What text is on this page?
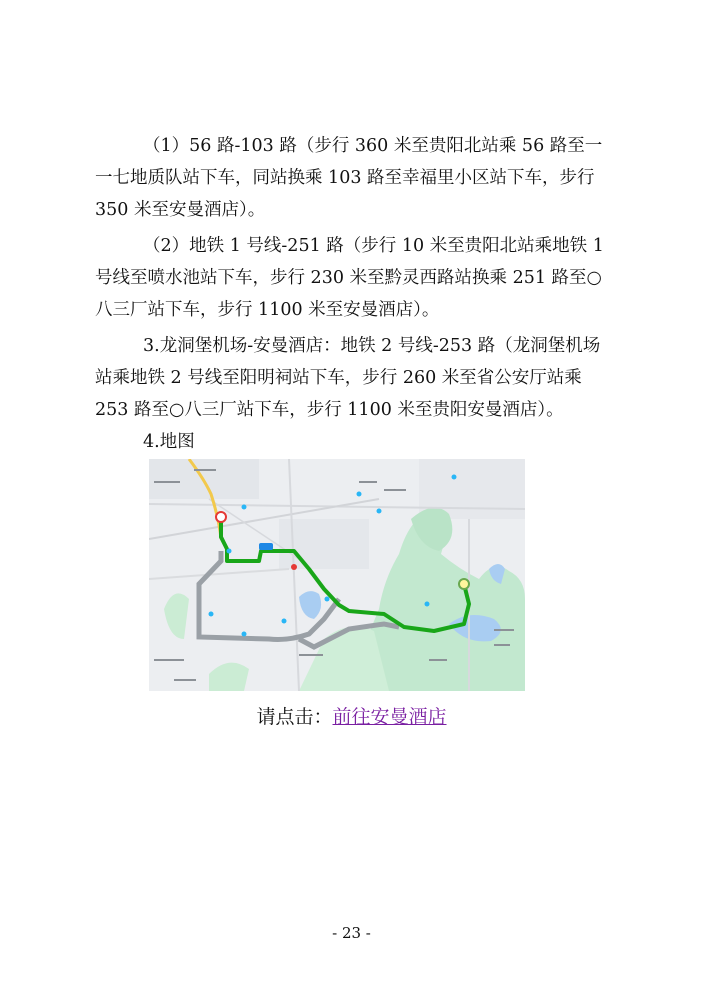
（1）56 路-103 路（步行 360 米至贵阳北站乘 56 路至一一七地质队站下车，同站换乘 103 路至幸福里小区站下车，步行 350 米至安曼酒店）。

（2）地铁 1 号线-251 路（步行 10 米至贵阳北站乘地铁 1 号线至喷水池站下车，步行 230 米至黔灵西路站换乘 251 路至○八三厂站下车，步行 1100 米至安曼酒店）。

3.龙洞堡机场-安曼酒店：地铁 2 号线-253 路（龙洞堡机场站乘地铁 2 号线至阳明祠站下车，步行 260 米至省公安厅站乘 253 路至○八三厂站下车，步行 1100 米至贵阳安曼酒店）。

4.地图

请点击：前往安曼酒店
- 23 -
